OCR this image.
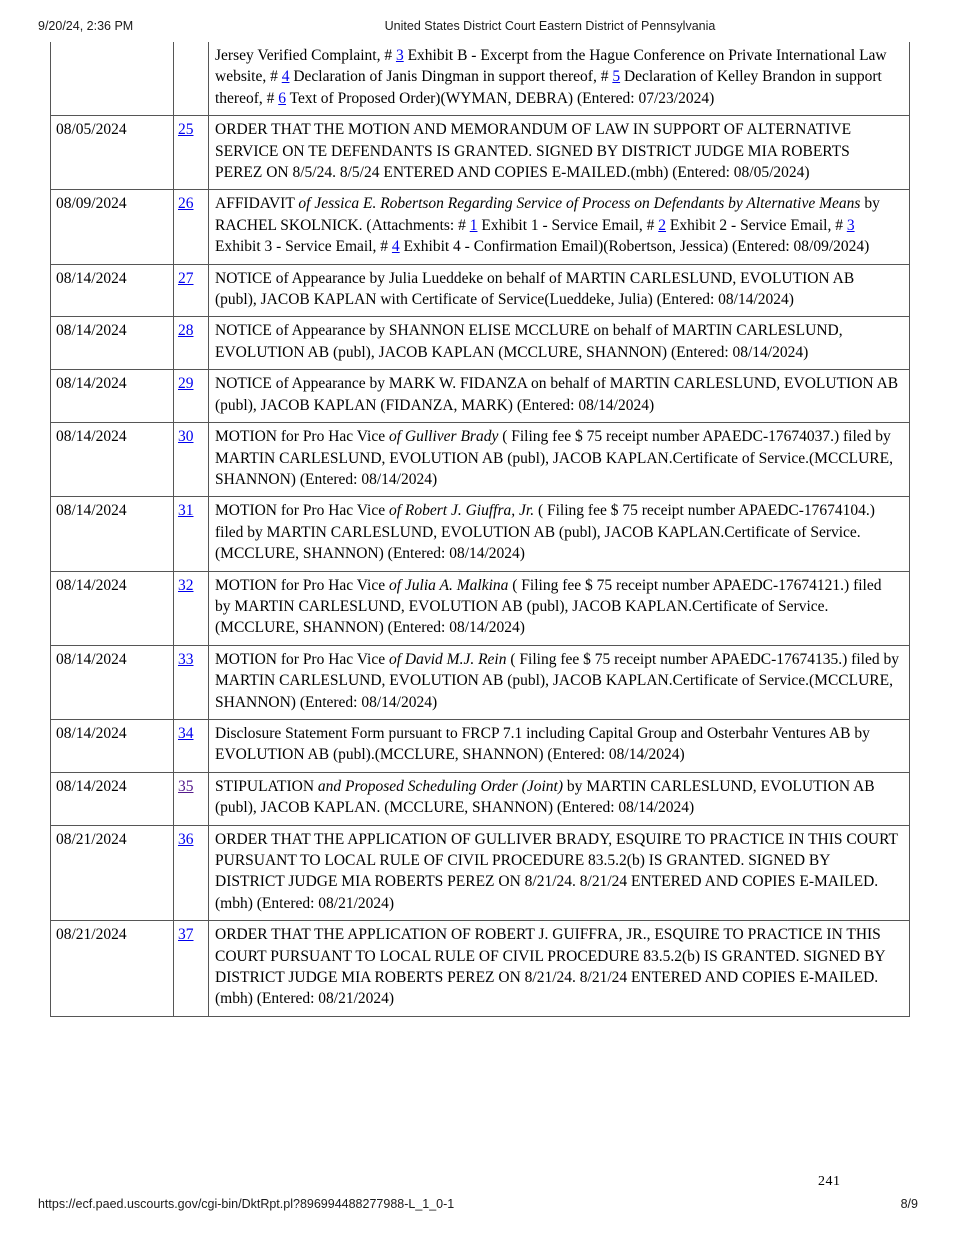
9/20/24, 2:36 PM	United States District Court Eastern District of Pennsylvania
		Jersey Verified Complaint, # 3 Exhibit B - Excerpt from the Hague Conference on Private International Law website, # 4 Declaration of Janis Dingman in support thereof, # 5 Declaration of Kelley Brandon in support thereof, # 6 Text of Proposed Order)(WYMAN, DEBRA) (Entered: 07/23/2024)
08/05/2024	25	ORDER THAT THE MOTION AND MEMORANDUM OF LAW IN SUPPORT OF ALTERNATIVE SERVICE ON TE DEFENDANTS IS GRANTED. SIGNED BY DISTRICT JUDGE MIA ROBERTS PEREZ ON 8/5/24. 8/5/24 ENTERED AND COPIES E-MAILED.(mbh) (Entered: 08/05/2024)
08/09/2024	26	AFFIDAVIT of Jessica E. Robertson Regarding Service of Process on Defendants by Alternative Means by RACHEL SKOLNICK. (Attachments: # 1 Exhibit 1 - Service Email, # 2 Exhibit 2 - Service Email, # 3 Exhibit 3 - Service Email, # 4 Exhibit 4 - Confirmation Email)(Robertson, Jessica) (Entered: 08/09/2024)
08/14/2024	27	NOTICE of Appearance by Julia Lueddeke on behalf of MARTIN CARLESLUND, EVOLUTION AB (publ), JACOB KAPLAN with Certificate of Service(Lueddeke, Julia) (Entered: 08/14/2024)
08/14/2024	28	NOTICE of Appearance by SHANNON ELISE MCCLURE on behalf of MARTIN CARLESLUND, EVOLUTION AB (publ), JACOB KAPLAN (MCCLURE, SHANNON) (Entered: 08/14/2024)
08/14/2024	29	NOTICE of Appearance by MARK W. FIDANZA on behalf of MARTIN CARLESLUND, EVOLUTION AB (publ), JACOB KAPLAN (FIDANZA, MARK) (Entered: 08/14/2024)
08/14/2024	30	MOTION for Pro Hac Vice of Gulliver Brady ( Filing fee $ 75 receipt number APAEDC-17674037.) filed by MARTIN CARLESLUND, EVOLUTION AB (publ), JACOB KAPLAN.Certificate of Service.(MCCLURE, SHANNON) (Entered: 08/14/2024)
08/14/2024	31	MOTION for Pro Hac Vice of Robert J. Giuffra, Jr. ( Filing fee $ 75 receipt number APAEDC-17674104.) filed by MARTIN CARLESLUND, EVOLUTION AB (publ), JACOB KAPLAN.Certificate of Service.(MCCLURE, SHANNON) (Entered: 08/14/2024)
08/14/2024	32	MOTION for Pro Hac Vice of Julia A. Malkina ( Filing fee $ 75 receipt number APAEDC-17674121.) filed by MARTIN CARLESLUND, EVOLUTION AB (publ), JACOB KAPLAN.Certificate of Service.(MCCLURE, SHANNON) (Entered: 08/14/2024)
08/14/2024	33	MOTION for Pro Hac Vice of David M.J. Rein ( Filing fee $ 75 receipt number APAEDC-17674135.) filed by MARTIN CARLESLUND, EVOLUTION AB (publ), JACOB KAPLAN.Certificate of Service.(MCCLURE, SHANNON) (Entered: 08/14/2024)
08/14/2024	34	Disclosure Statement Form pursuant to FRCP 7.1 including Capital Group and Osterbahr Ventures AB by EVOLUTION AB (publ).(MCCLURE, SHANNON) (Entered: 08/14/2024)
08/14/2024	35	STIPULATION and Proposed Scheduling Order (Joint) by MARTIN CARLESLUND, EVOLUTION AB (publ), JACOB KAPLAN. (MCCLURE, SHANNON) (Entered: 08/14/2024)
08/21/2024	36	ORDER THAT THE APPLICATION OF GULLIVER BRADY, ESQUIRE TO PRACTICE IN THIS COURT PURSUANT TO LOCAL RULE OF CIVIL PROCEDURE 83.5.2(b) IS GRANTED. SIGNED BY DISTRICT JUDGE MIA ROBERTS PEREZ ON 8/21/24. 8/21/24 ENTERED AND COPIES E-MAILED. (mbh) (Entered: 08/21/2024)
08/21/2024	37	ORDER THAT THE APPLICATION OF ROBERT J. GUIFFRA, JR., ESQUIRE TO PRACTICE IN THIS COURT PURSUANT TO LOCAL RULE OF CIVIL PROCEDURE 83.5.2(b) IS GRANTED. SIGNED BY DISTRICT JUDGE MIA ROBERTS PEREZ ON 8/21/24. 8/21/24 ENTERED AND COPIES E-MAILED. (mbh) (Entered: 08/21/2024)
241
https://ecf.paed.uscourts.gov/cgi-bin/DktRpt.pl?896994488277988-L_1_0-1	8/9
